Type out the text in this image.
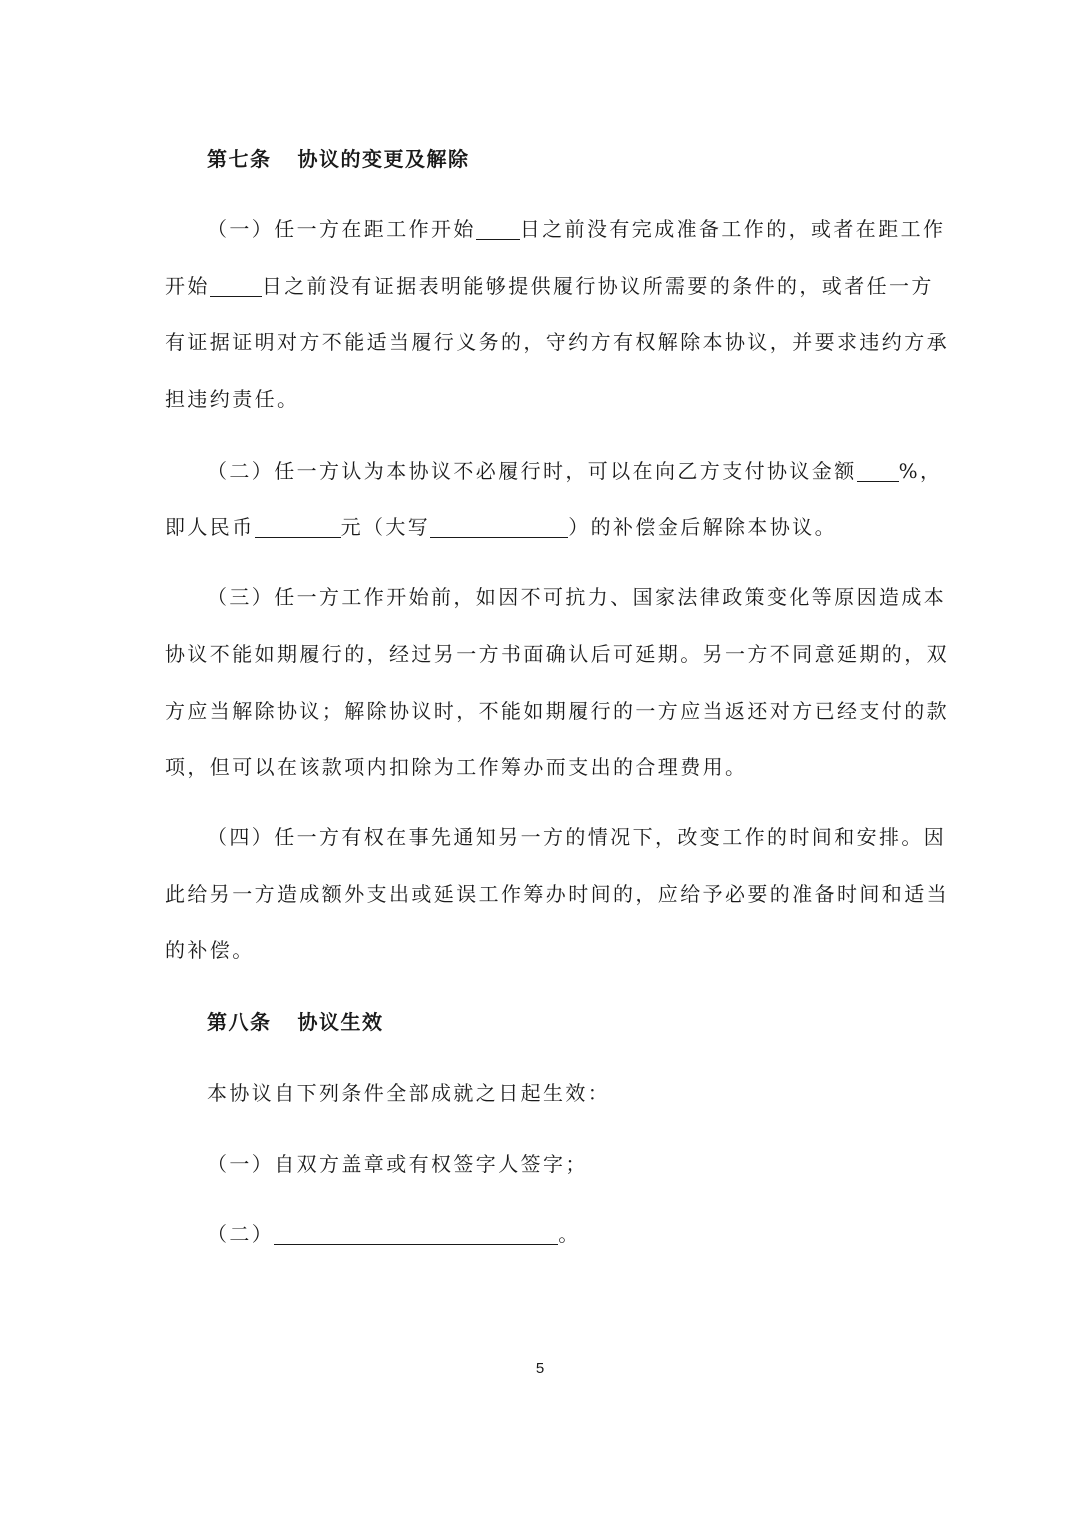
第七条 协议的变更及解除
（一）任一方在距工作开始 日之前没有完成准备工作的，或者在距工作
开始	日之前没有证据表明能够提供履行协议所需要的条件的，或者任一方
有证据证明对方不能适当履行义务的，守约方有权解除本协议，并要求违约方承
担违约责任。
（二）任一方认为本协议不必履行时，可以在向乙方支付协议金额 %，
即人民币	元（大写	）的补偿金后解除本协议。
（三）任一方工作开始前，如因不可抗力、国家法律政策变化等原因造成本
协议不能如期履行的，经过另一方书面确认后可延期。另一方不同意延期的，双
方应当解除协议；解除协议时，不能如期履行的一方应当返还对方已经支付的款
项，但可以在该款项内扣除为工作筹办而支出的合理费用。
（四）任一方有权在事先通知另一方的情况下，改变工作的时间和安排。因
此给另一方造成额外支出或延误工作筹办时间的，应给予必要的准备时间和适当
的补偿。
第八条 协议生效
本协议自下列条件全部成就之日起生效：
（一）自双方盖章或有权签字人签字；
（二）	。
5
